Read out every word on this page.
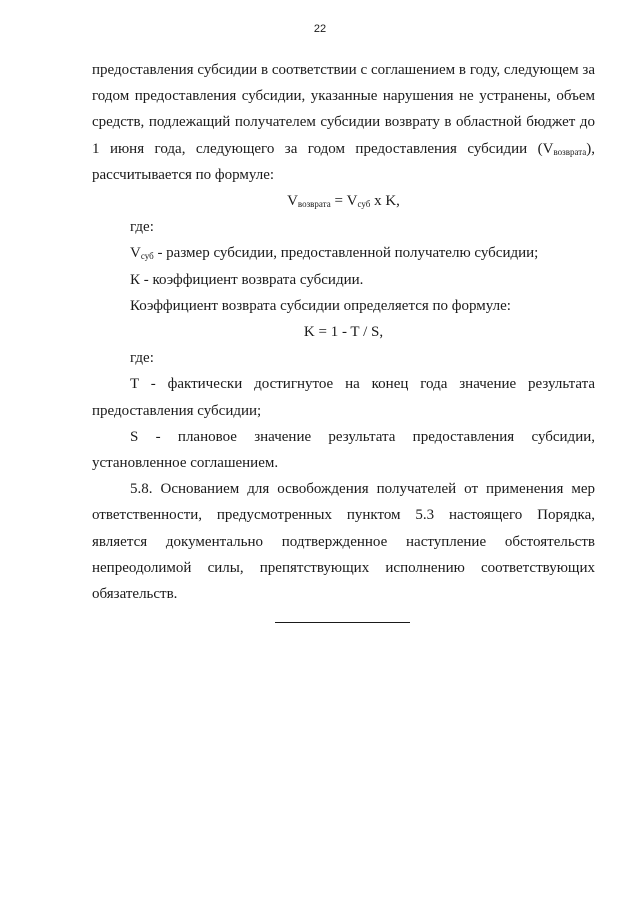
22

предоставления субсидии в соответствии с соглашением в году, следующем за годом предоставления субсидии, указанные нарушения не устранены, объем средств, подлежащий получателем субсидии возврату в областной бюджет до 1 июня года, следующего за годом предоставления субсидии $(V_{возврата})$, рассчитывается по формуле:

$V_{возврата} = V_{суб}$ x K,

где:

$V_{суб}$ - размер субсидии, предоставленной получателю субсидии;

К - коэффициент возврата субсидии.

Коэффициент возврата субсидии определяется по формуле:

K = 1 - T / S,

где:

T - фактически достигнутое на конец года значение результата предоставления субсидии;

S - плановое значение результата предоставления субсидии, установленное соглашением.

5.8. Основанием для освобождения получателей от применения мер ответственности, предусмотренных пунктом 5.3 настоящего Порядка, является документально подтвержденное наступление обстоятельств непреодолимой силы, препятствующих исполнению соответствующих обязательств.
